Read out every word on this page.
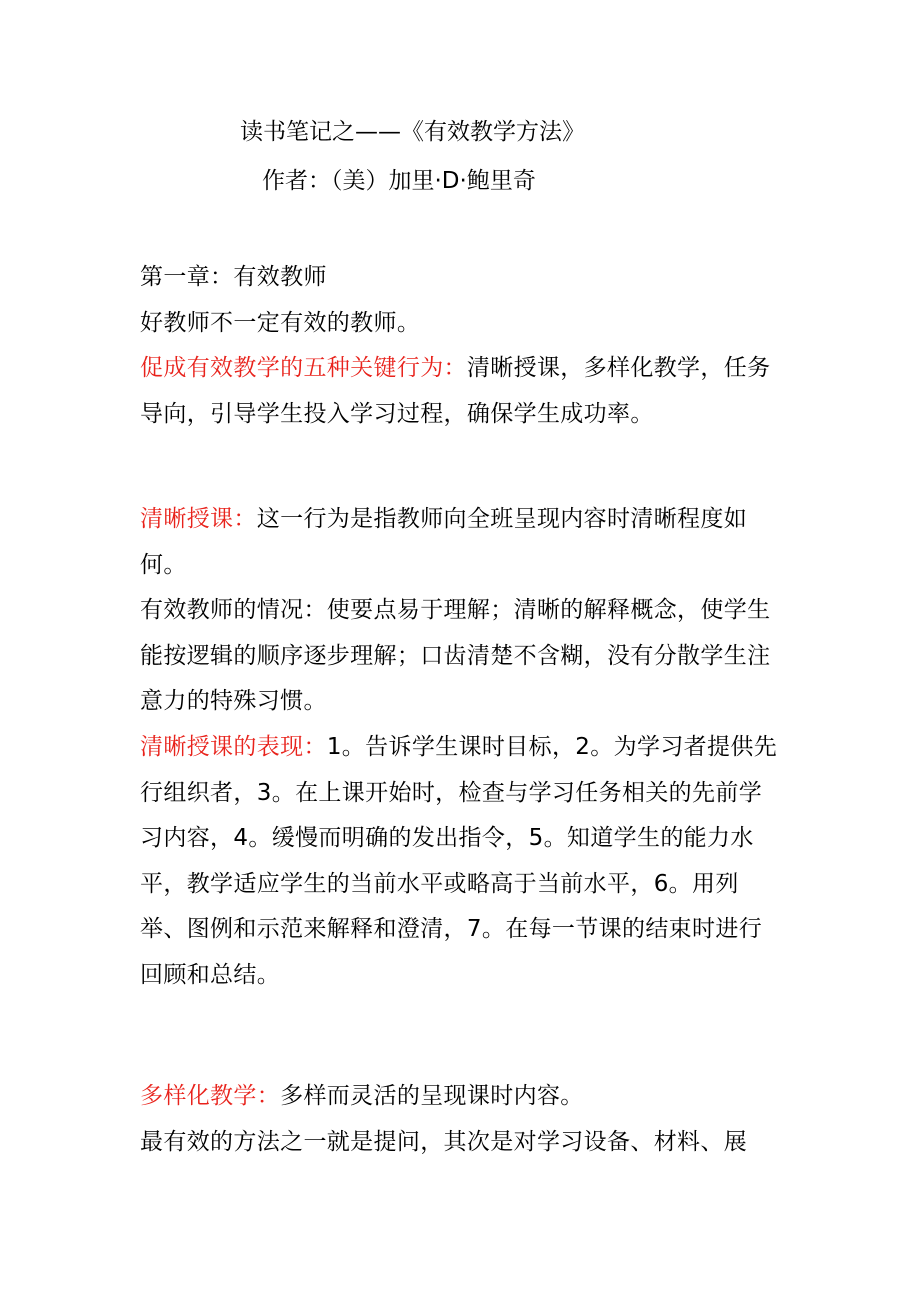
读书笔记之——《有效教学方法》
作者：（美）加里·D·鲍里奇

第一章：有效教师

好教师不一定有效的教师。

促成有效教学的五种关键行为：清晰授课，多样化教学，任务导向，引导学生投入学习过程，确保学生成功率。

清晰授课：这一行为是指教师向全班呈现内容时清晰程度如何。

有效教师的情况：使要点易于理解；清晰的解释概念，使学生能按逻辑的顺序逐步理解；口齿清楚不含糊，没有分散学生注意力的特殊习惯。

清晰授课的表现：1。告诉学生课时目标，2。为学习者提供先行组织者，3。在上课开始时，检查与学习任务相关的先前学习内容，4。缓慢而明确的发出指令，5。知道学生的能力水平，教学适应学生的当前水平或略高于当前水平，6。用列举、图例和示范来解释和澄清，7。在每一节课的结束时进行回顾和总结。

多样化教学：多样而灵活的呈现课时内容。

最有效的方法之一就是提问，其次是对学习设备、材料、展
